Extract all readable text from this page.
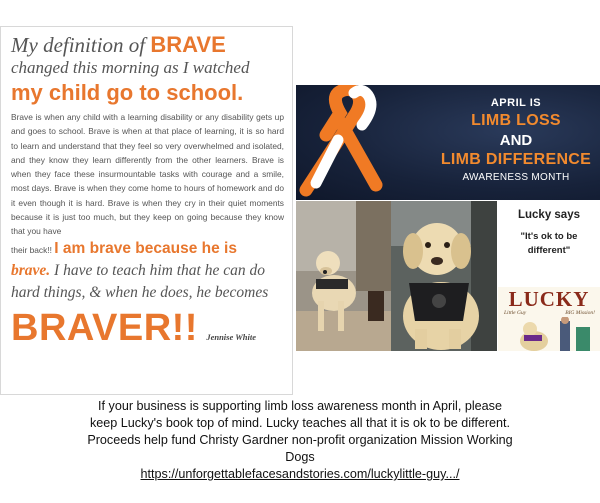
My definition of BRAVE
changed this morning as I watched
my child go to school.
Brave is when any child with a learning disability or any disability gets up and goes to school. Brave is when at that place of learning, it is so hard to learn and understand that they feel so very overwhelmed and isolated, and they know they learn differently from the other learners. Brave is when they face these insurmountable tasks with courage and a smile, most days. Brave is when they come home to hours of homework and do it even though it is hard. Brave is when they cry in their quiet moments because it is just too much, but they keep on going because they know that you have
their back!! I am brave because he is
brave. I have to teach him that he can do
hard things, & when he does, he becomes
BRAVER!! Jennise White
APRIL IS
LIMB LOSS
AND
LIMB DIFFERENCE
AWARENESS MONTH
Lucky says
"It's ok to be
different"
LUCKY
Little Guy	BIG Mission!
If your business is supporting limb loss awareness month in April, please
keep Lucky's book top of mind. Lucky teaches all that it is ok to be different.
Proceeds help fund Christy Gardner non-profit organization Mission Working
Dogs
https://unforgettablefacesandstories.com/luckylittle-guy.../
